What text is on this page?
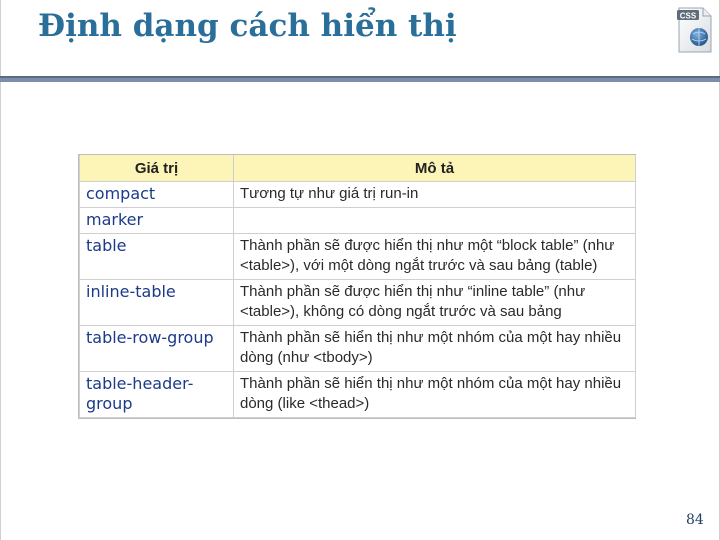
Định dạng cách hiển thị	CSS
Giá trị	Mô tả
compact	Tương tự như giá trị run-in
marker	
table	Thành phần sẽ được hiển thị như một “block table” (như <table>), với một dòng ngắt trước và sau bảng (table)
inline-table	Thành phần sẽ được hiển thị như “inline table” (như <table>), không có dòng ngắt trước và sau bảng
table-row-group	Thành phần sẽ hiển thị như một nhóm của một hay nhiều dòng (như <tbody>)
table-header-group	Thành phần sẽ hiển thị như một nhóm của một hay nhiều dòng (like <thead>)
84
